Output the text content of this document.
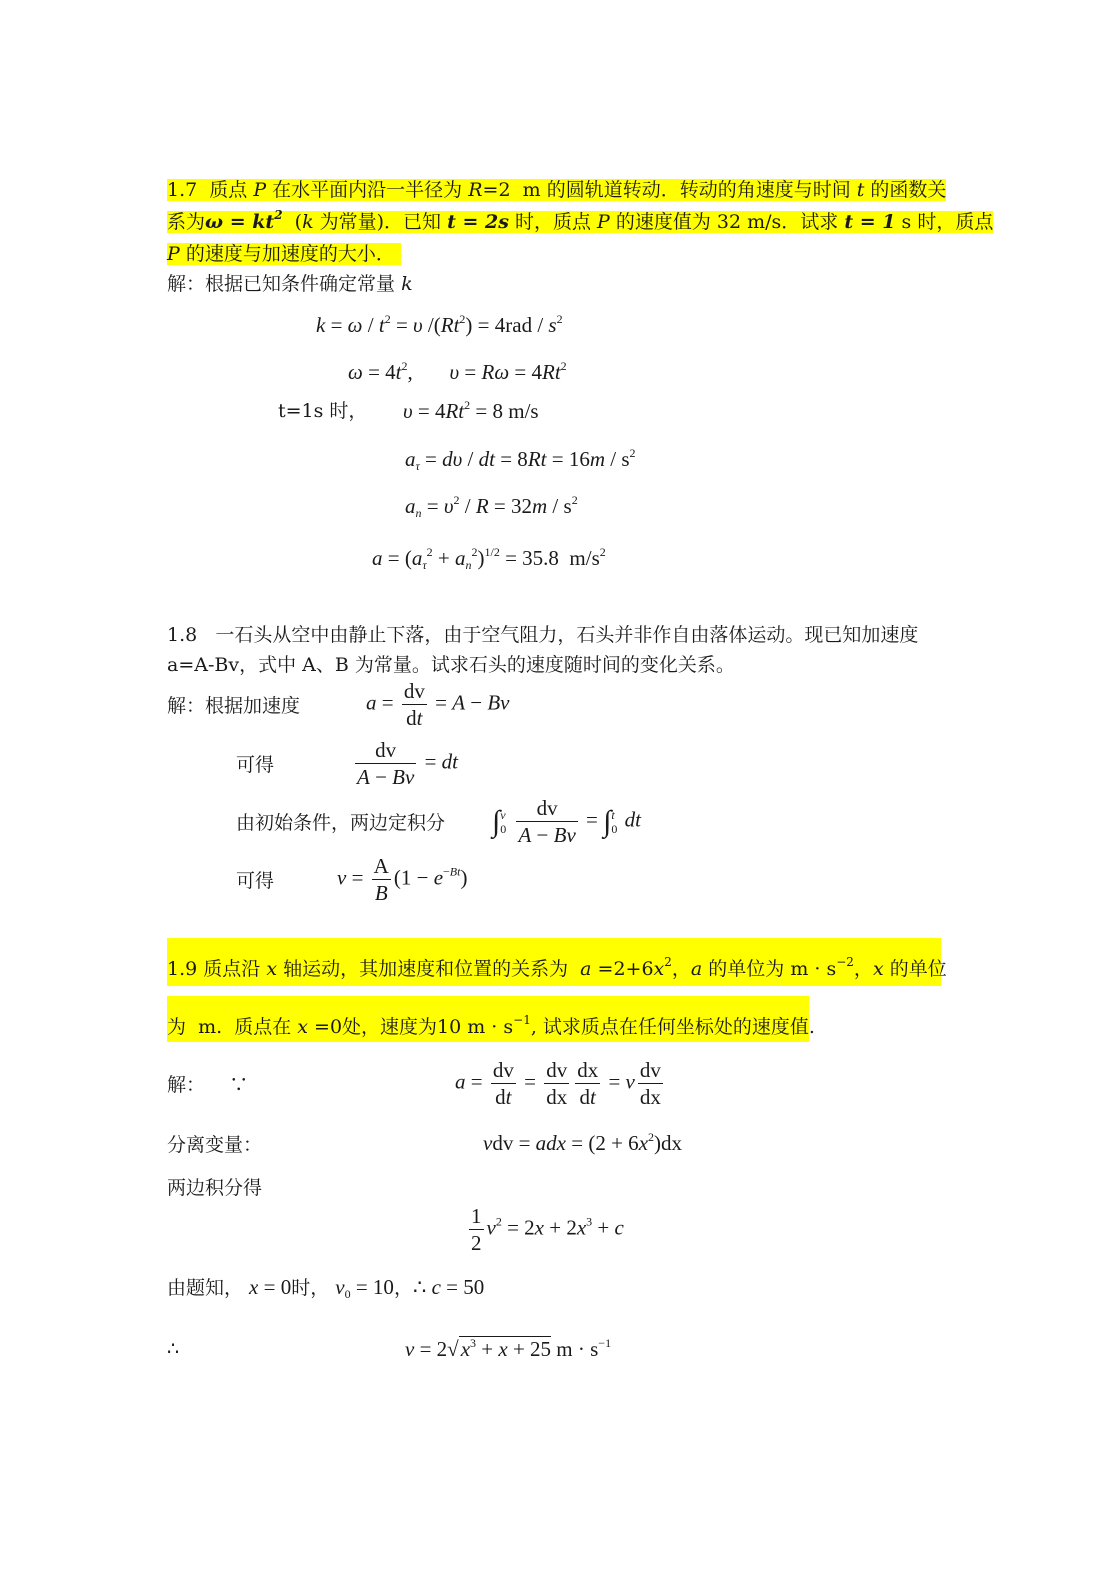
1.7  质点 P 在水平面内沿一半径为 R=2  m 的圆轨道转动．转动的角速度与时间 t 的函数关
系为$\omega = kt^2$  (k 为常量)．已知 t = 2s 时，质点 P 的速度值为 32 m/s．试求 t = 1 s 时，质点
P 的速度与加速度的大小．
解：根据已知条件确定常量 k
$k = \omega / t^2 = \upsilon$ $/(Rt^2) = 4rad / s^2$
$\omega = 4t^2$,       $\upsilon = R\omega = 4Rt^2$
t=1s 时， $\upsilon = 4Rt^2 = 8$ m/s
$a_\tau = d\upsilon$ / dt = $8Rt = 16m / s^2$
$a_n = \upsilon^2 / R = 32m / s^2$
$a = (a_\tau^2 + a_n^2)^{1/2} = 35.8$  $m/s^2$
1.8 一石头从空中由静止下落，由于空气阻力，石头并非作自由落体运动。现已知加速度
a=A-Bv，式中 A、B 为常量。试求石头的速度随时间的变化关系。
解：根据加速度	$a = \frac{dv}{dt} = A - Bv$
可得	$\frac{dv}{A - Bv}$ = dt
由初始条件，两边定积分 ∫ v
0
$\frac{dv}{A - Bv}$ = ∫ t
0 dt
可得	$v = \frac{A}{B} (1 - e^{-Bt})$
1.9 质点沿 x 轴运动，其加速度和位置的关系为  $a =2+6x^2$，a 的单位为 $m \cdot s^{-2}$，x 的单位
为  m.  质点在 x =0处，速度为10 $m \cdot s^{-1}$, 试求质点在任何坐标处的速度值.
解： ∵	$a = \frac{dv}{dt} = \frac{dv}{dx} \frac{dx}{dt} = v \frac{dv}{dx}$
分离变量：	vdv = adx = $(2 + 6x^2)dx$
两边积分得
$\frac{1}{2} v^2 = 2x + 2x^3 + c$
由题知， x = 0时， $v_0 = 10$，∴ c = 50
∴	$v = 2√x^3 + x + 25$ $m \cdot s^{-1}$
